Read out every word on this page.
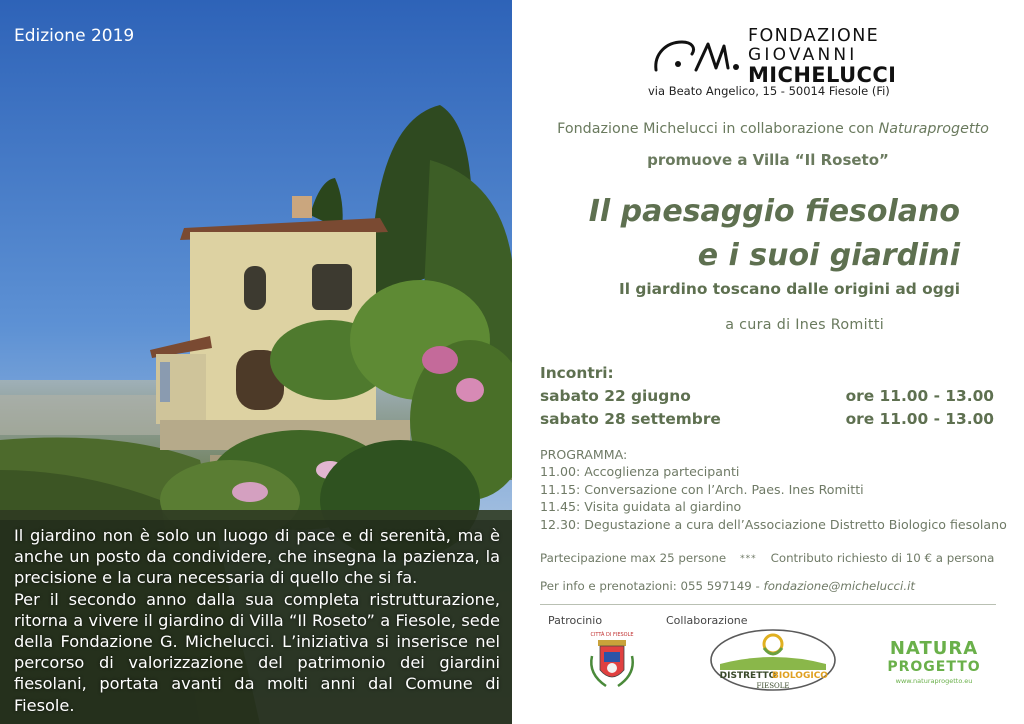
Edizione 2019

Il giardino non è solo un luogo di pace e di serenità, ma è anche un posto da condividere, che insegna la pazienza, la precisione e la cura necessaria di quello che si fa.

Per il secondo anno dalla sua completa ristrutturazione, ritorna a vivere il giardino di Villa “Il Roseto” a Fiesole, sede della Fondazione G. Michelucci. L’iniziativa si inserisce nel percorso di valorizzazione del patrimonio dei giardini fiesolani, portata avanti da molti anni dal Comune di Fiesole.

FONDAZIONE
GIOVANNI
MICHELUCCI
via Beato Angelico, 15 - 50014 Fiesole (Fi)
Fondazione Michelucci in collaborazione con Naturaprogetto
promuove a Villa “Il Roseto”
Il paesaggio fiesolano
e i suoi giardini
Il giardino toscano dalle origini ad oggi
a cura di Ines Romitti
Incontri:
sabato 22 giugno	ore 11.00 - 13.00
sabato 28 settembre	ore 11.00 - 13.00
PROGRAMMA:
11.00: Accoglienza partecipanti
11.15: Conversazione con l’Arch. Paes. Ines Romitti
11.45: Visita guidata al giardino
12.30: Degustazione a cura dell’Associazione Distretto Biologico fiesolano
Partecipazione max 25 persone *** Contributo richiesto di 10 € a persona
Per info e prenotazioni: 055 597149 - fondazione@michelucci.it
Patrocinio	Collaborazione
CITTÀ DI FIESOLE
DISTRETTO
BIOLOGICO
FIESOLE
NATURA
PROGETTO
www.naturaprogetto.eu
